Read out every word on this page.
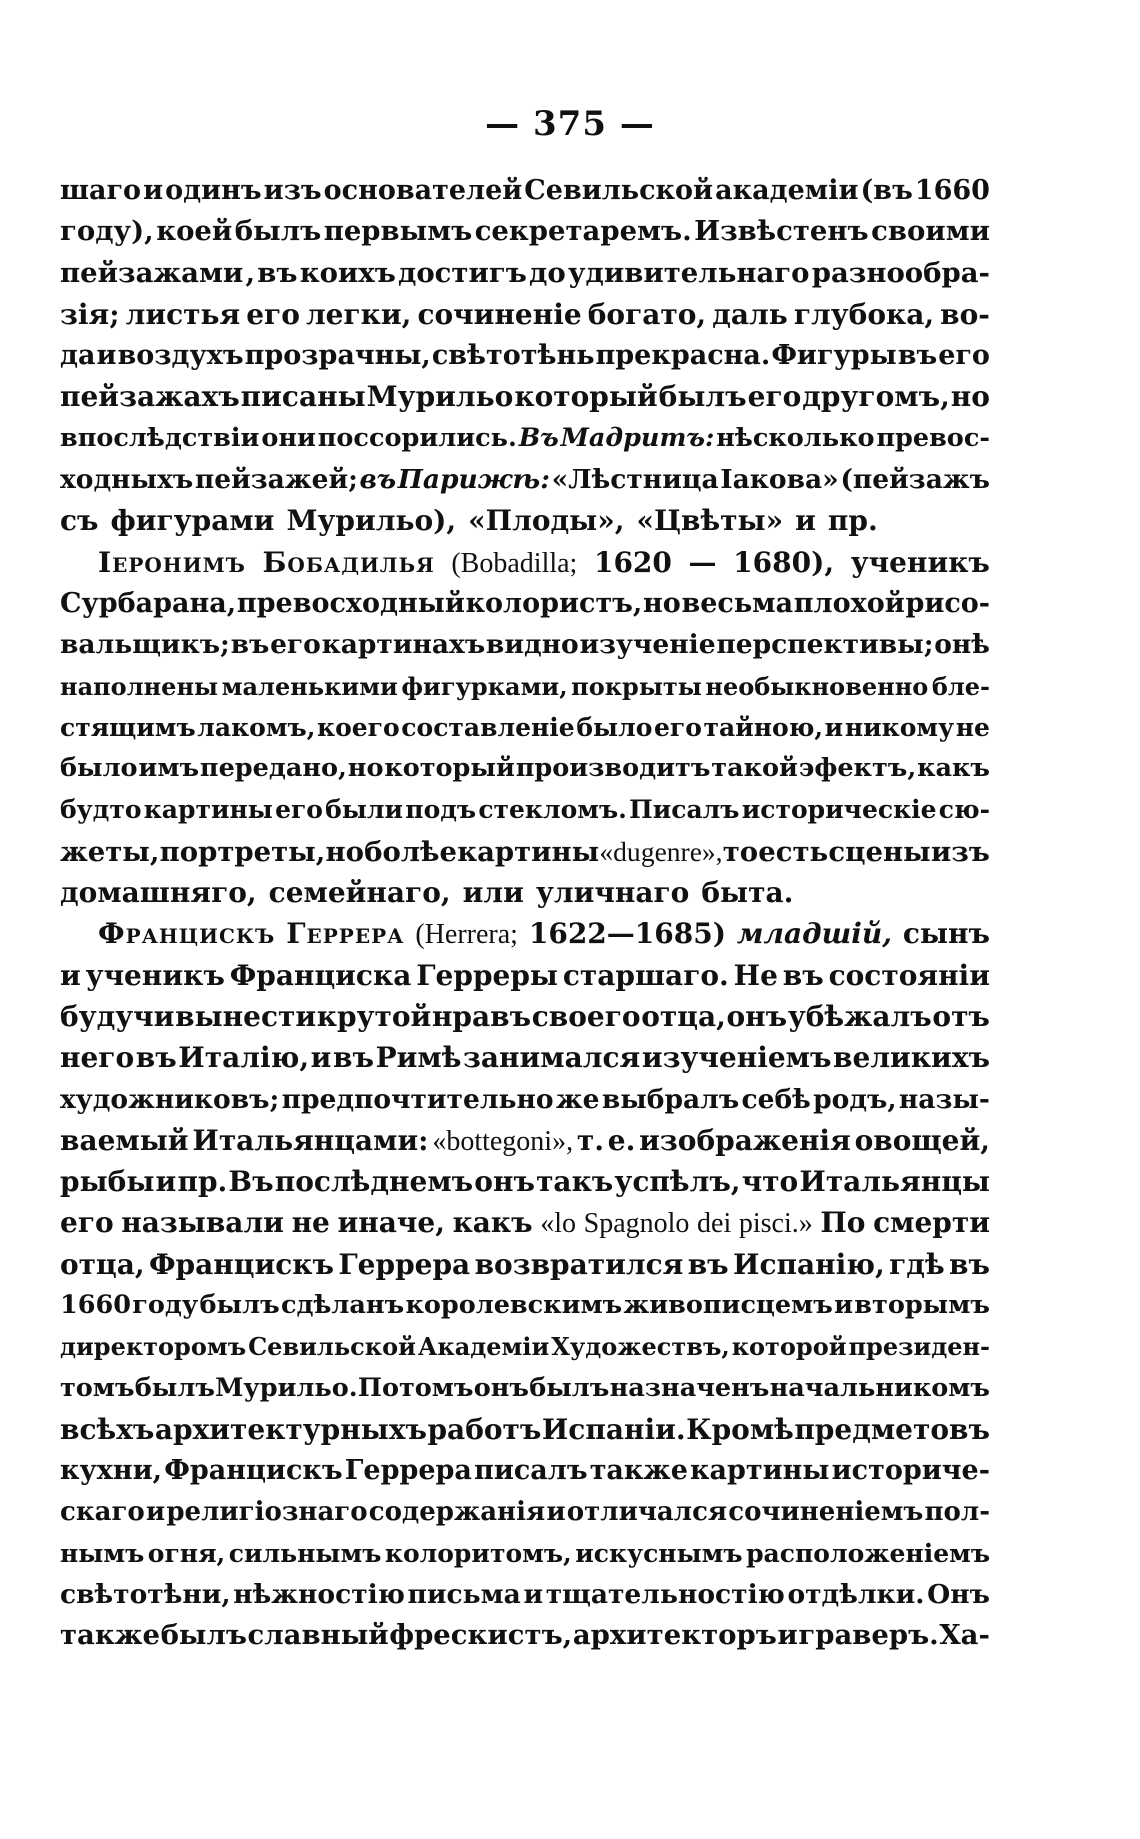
— 375 —
шаго и одинъ изъ основателей Севильской академіи (въ 1660
году), коей былъ первымъ секретаремъ. Извѣстенъ своими
пейзажами , въ коихъ достигъ до удивительнаго разнообра-
зія; листья его легки, сочиненіе богато, даль глубока, во-
да и воздухъ прозрачны, свѣтотѣнь прекрасна. Фигуры въ его
пейзажахъ писаны Мурильо который былъ его другомъ, но
впослѣдствіи они поссорились. Въ Мадритъ: нѣсколько превос-
ходныхъ пейзажей; въ Парижѣ: «Лѣстница Іакова» (пейзажъ
съ фигурами Мурильо), «Плоды», «Цвѣты» и пр.
Іеронимъ Бобадилья (Bobadilla; 1620 — 1680), ученикъ
Сурбарана, превосходный колористъ, но весьма плохой рисо-
вальщикъ; въ его картинахъ видно изученіе перспективы; онѣ
наполнены маленькими фигурками, покрыты необыкновенно бле-
стящимъ лакомъ, коего составленіе было его тайною, и никому не
было имъ передано, но который производитъ такой эфектъ, какъ
будто картины его были подъ стекломъ. Писалъ историческіе сю-
жеты, портреты, но болѣе картины «du genre», то есть сцены изъ
домашняго, семейнаго, или уличнаго быта.
Францискъ Геррера (Herrera; 1622—1685) младшій, сынъ
и ученикъ Франциска Герреры старшаго. Не въ состояніи
будучи вынести крутой нравъ своего отца, онъ убѣжалъ отъ
него въ Италію, и въ Римѣ занимался изученіемъ великихъ
художниковъ; предпочтительно же выбралъ себѣ родъ, назы-
ваемый Итальянцами: «bottegoni», т. е. изображенія овощей,
рыбы и пр. Въ послѣднемъ онъ такъ успѣлъ, что Итальянцы
его называли не иначе, какъ «lo Spagnolo dei pisci.» По смерти
отца, Францискъ Геррера возвратился въ Испанію, гдѣ въ
1660 году былъ сдѣланъ королевскимъ живописцемъ и вторымъ
директоромъ Севильской Академіи Художествъ, которой президен-
томъ былъ Мурильо. Потомъ онъ былъ назначенъ начальникомъ
всѣхъ архитектурныхъ работъ Испаніи. Кромѣ предметовъ
кухни, Францискъ Геррера писалъ также картины историче-
скаго и религіознаго содержанія и отличался сочиненіемъ пол-
нымъ огня, сильнымъ колоритомъ, искуснымъ расположеніемъ
свѣтотѣни, нѣжностію письма и тщательностію отдѣлки. Онъ
также былъ славный фрескистъ, архитекторъ и граверъ. Ха-
